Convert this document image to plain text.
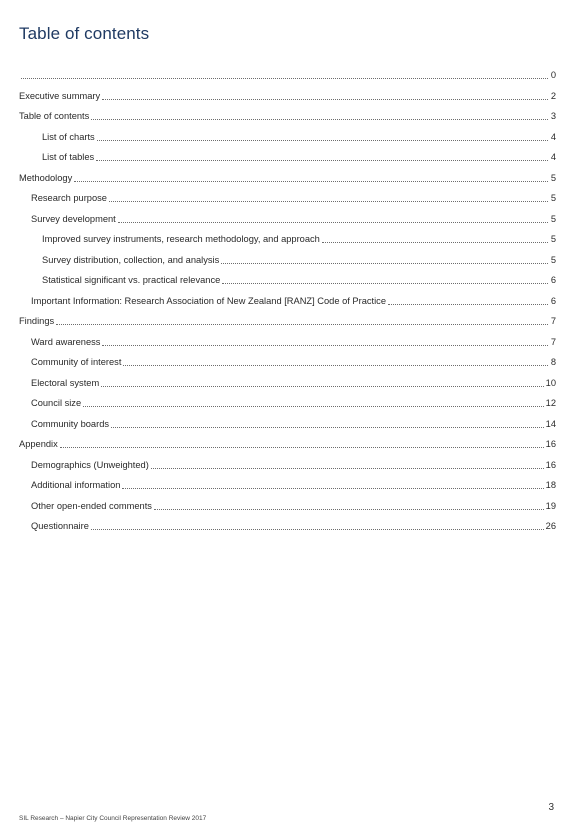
Table of contents
0
Executive summary	2
Table of contents	3
List of charts	4
List of tables	4
Methodology	5
Research purpose	5
Survey development	5
Improved survey instruments, research methodology, and approach	5
Survey distribution, collection, and analysis	5
Statistical significant vs. practical relevance	6
Important Information: Research Association of New Zealand [RANZ] Code of Practice	6
Findings	7
Ward awareness	7
Community of interest	8
Electoral system	10
Council size	12
Community boards	14
Appendix	16
Demographics (Unweighted)	16
Additional information	18
Other open-ended comments	19
Questionnaire	26
3
SIL Research – Napier City Council Representation Review 2017
